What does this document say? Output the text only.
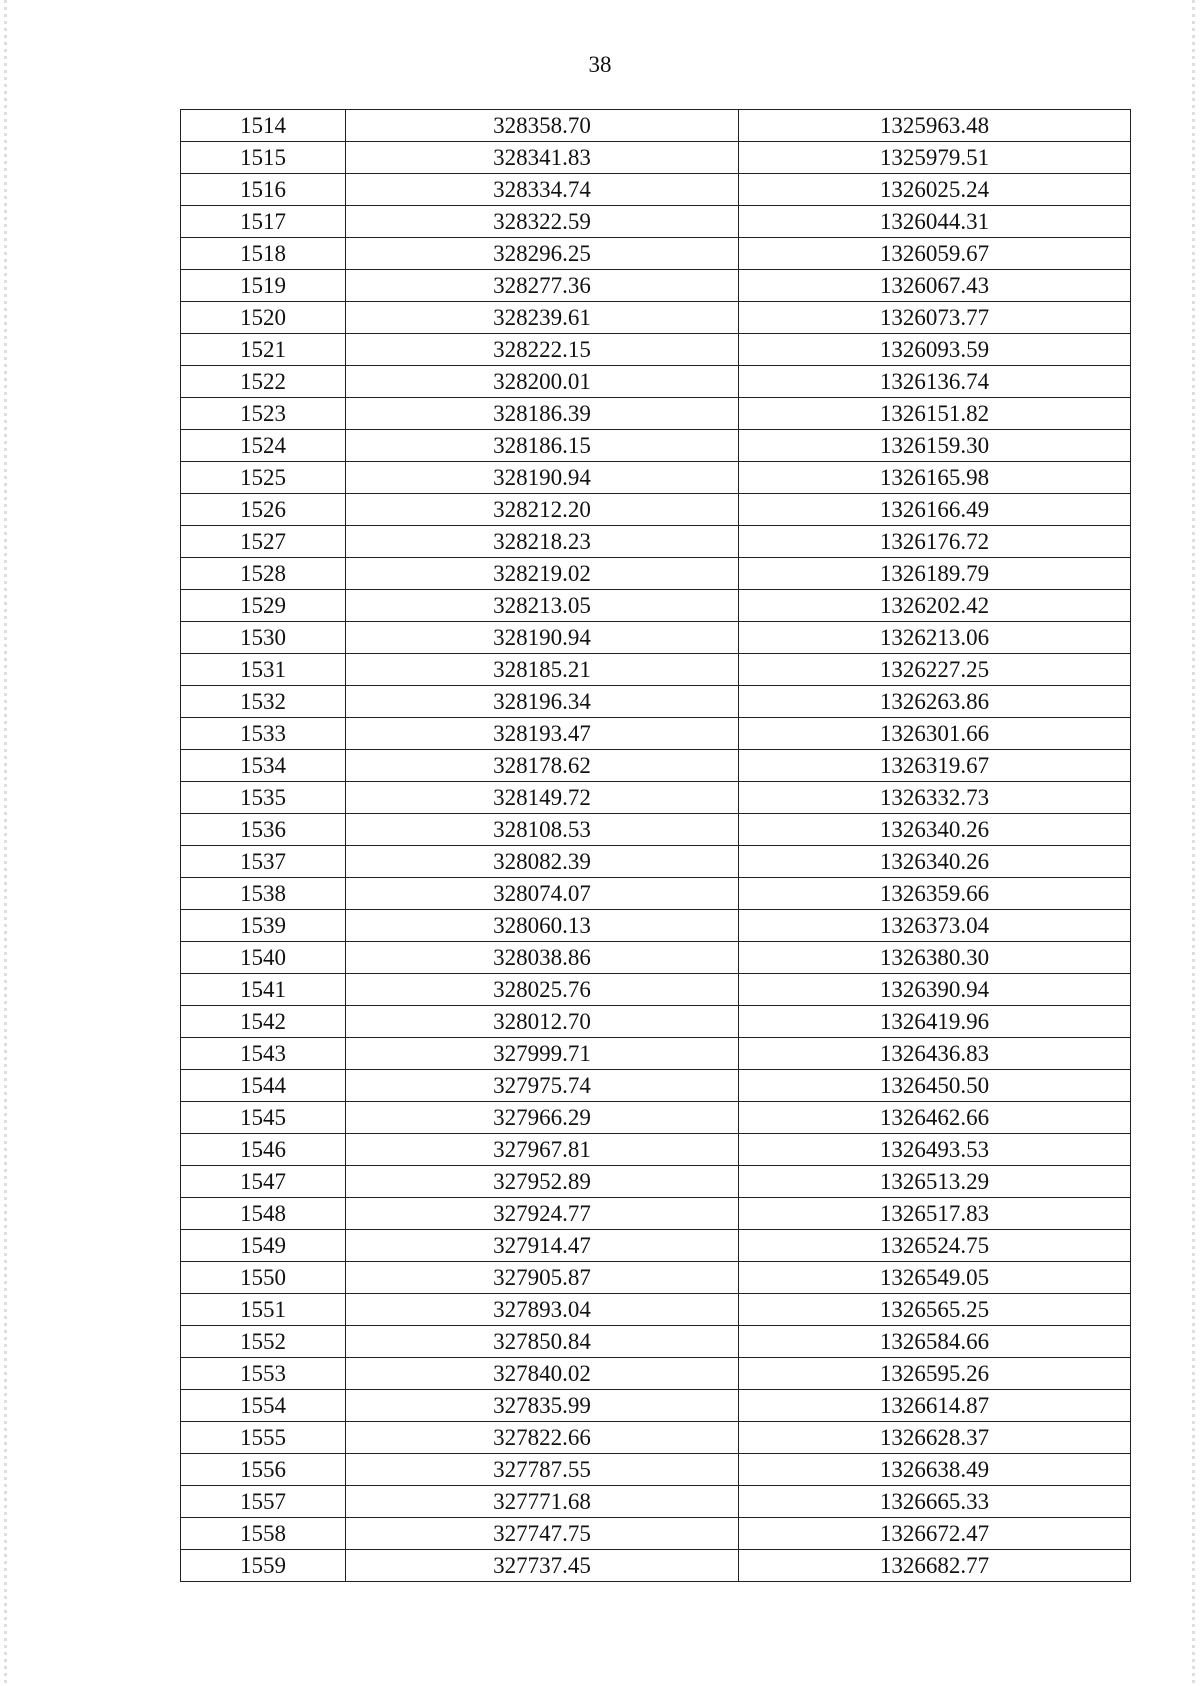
38
1514	328358.70	1325963.48
1515	328341.83	1325979.51
1516	328334.74	1326025.24
1517	328322.59	1326044.31
1518	328296.25	1326059.67
1519	328277.36	1326067.43
1520	328239.61	1326073.77
1521	328222.15	1326093.59
1522	328200.01	1326136.74
1523	328186.39	1326151.82
1524	328186.15	1326159.30
1525	328190.94	1326165.98
1526	328212.20	1326166.49
1527	328218.23	1326176.72
1528	328219.02	1326189.79
1529	328213.05	1326202.42
1530	328190.94	1326213.06
1531	328185.21	1326227.25
1532	328196.34	1326263.86
1533	328193.47	1326301.66
1534	328178.62	1326319.67
1535	328149.72	1326332.73
1536	328108.53	1326340.26
1537	328082.39	1326340.26
1538	328074.07	1326359.66
1539	328060.13	1326373.04
1540	328038.86	1326380.30
1541	328025.76	1326390.94
1542	328012.70	1326419.96
1543	327999.71	1326436.83
1544	327975.74	1326450.50
1545	327966.29	1326462.66
1546	327967.81	1326493.53
1547	327952.89	1326513.29
1548	327924.77	1326517.83
1549	327914.47	1326524.75
1550	327905.87	1326549.05
1551	327893.04	1326565.25
1552	327850.84	1326584.66
1553	327840.02	1326595.26
1554	327835.99	1326614.87
1555	327822.66	1326628.37
1556	327787.55	1326638.49
1557	327771.68	1326665.33
1558	327747.75	1326672.47
1559	327737.45	1326682.77
